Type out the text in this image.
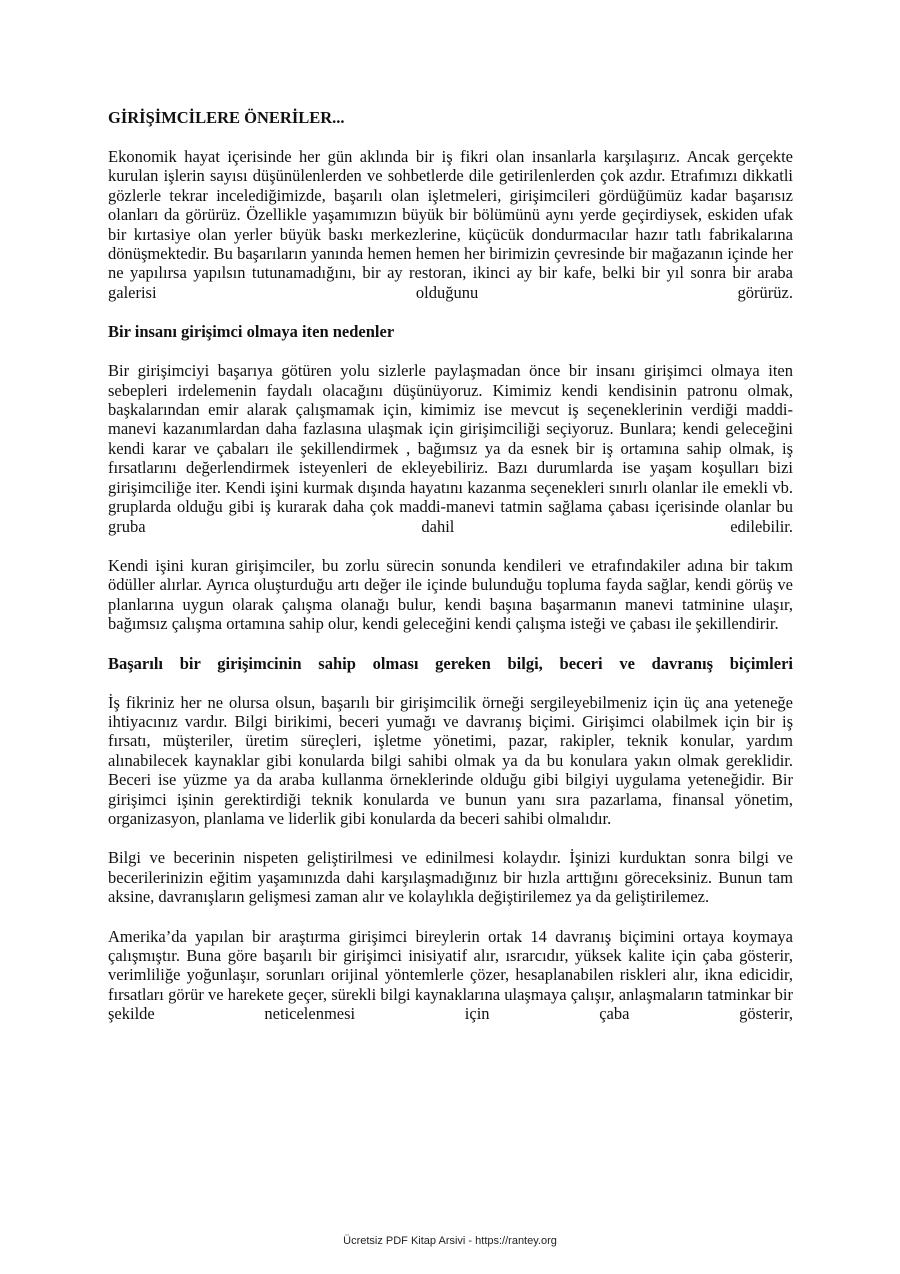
GİRİŞİMCİLERE ÖNERİLER...

Ekonomik hayat içerisinde her gün aklında bir iş fikri olan insanlarla karşılaşırız. Ancak gerçekte kurulan işlerin sayısı düşünülenlerden ve sohbetlerde dile getirilenlerden çok azdır. Etrafımızı dikkatli gözlerle tekrar incelediğimizde, başarılı olan işletmeleri, girişimcileri gördüğümüz kadar başarısız olanları da görürüz. Özellikle yaşamımızın büyük bir bölümünü aynı yerde geçirdiysek, eskiden ufak bir kırtasiye olan yerler büyük baskı merkezlerine, küçücük dondurmacılar hazır tatlı fabrikalarına dönüşmektedir. Bu başarıların yanında hemen hemen her birimizin çevresinde bir mağazanın içinde her ne yapılırsa yapılsın tutunamadığını, bir ay restoran, ikinci ay bir kafe, belki bir yıl sonra bir araba galerisi olduğunu görürüz.

Bir insanı girişimci olmaya iten nedenler

Bir girişimciyi başarıya götüren yolu sizlerle paylaşmadan önce bir insanı girişimci olmaya iten sebepleri irdelemenin faydalı olacağını düşünüyoruz. Kimimiz kendi kendisinin patronu olmak, başkalarından emir alarak çalışmamak için, kimimiz ise mevcut iş seçeneklerinin verdiği maddi-manevi kazanımlardan daha fazlasına ulaşmak için girişimciliği seçiyoruz. Bunlara; kendi geleceğini kendi karar ve çabaları ile şekillendirmek , bağımsız ya da esnek bir iş ortamına sahip olmak, iş fırsatlarını değerlendirmek isteyenleri de ekleyebiliriz. Bazı durumlarda ise yaşam koşulları bizi girişimciliğe iter. Kendi işini kurmak dışında hayatını kazanma seçenekleri sınırlı olanlar ile emekli vb. gruplarda olduğu gibi iş kurarak daha çok maddi-manevi tatmin sağlama çabası içerisinde olanlar bu gruba dahil edilebilir.

Kendi işini kuran girişimciler, bu zorlu sürecin sonunda kendileri ve etrafındakiler adına bir takım ödüller alırlar. Ayrıca oluşturduğu artı değer ile içinde bulunduğu topluma fayda sağlar, kendi görüş ve planlarına uygun olarak çalışma olanağı bulur, kendi başına başarmanın manevi tatminine ulaşır, bağımsız çalışma ortamına sahip olur, kendi geleceğini kendi çalışma isteği ve çabası ile şekillendirir.

Başarılı bir girişimcinin sahip olması gereken bilgi, beceri ve davranış biçimleri

İş fikriniz her ne olursa olsun, başarılı bir girişimcilik örneği sergileyebilmeniz için üç ana yeteneğe ihtiyacınız vardır. Bilgi birikimi, beceri yumağı ve davranış biçimi. Girişimci olabilmek için bir iş fırsatı, müşteriler, üretim süreçleri, işletme yönetimi, pazar, rakipler, teknik konular, yardım alınabilecek kaynaklar gibi konularda bilgi sahibi olmak ya da bu konulara yakın olmak gereklidir. Beceri ise yüzme ya da araba kullanma örneklerinde olduğu gibi bilgiyi uygulama yeteneğidir. Bir girişimci işinin gerektirdiği teknik konularda ve bunun yanı sıra pazarlama, finansal yönetim, organizasyon, planlama ve liderlik gibi konularda da beceri sahibi olmalıdır.

Bilgi ve becerinin nispeten geliştirilmesi ve edinilmesi kolaydır. İşinizi kurduktan sonra bilgi ve becerilerinizin eğitim yaşamınızda dahi karşılaşmadığınız bir hızla arttığını göreceksiniz. Bunun tam aksine, davranışların gelişmesi zaman alır ve kolaylıkla değiştirilemez ya da geliştirilemez.

Amerika’da yapılan bir araştırma girişimci bireylerin ortak 14 davranış biçimini ortaya koymaya çalışmıştır. Buna göre başarılı bir girişimci inisiyatif alır, ısrarcıdır, yüksek kalite için çaba gösterir, verimliliğe yoğunlaşır, sorunları orijinal yöntemlerle çözer, hesaplanabilen riskleri alır, ikna edicidir, fırsatları görür ve harekete geçer, sürekli bilgi kaynaklarına ulaşmaya çalışır, anlaşmaların tatminkar bir şekilde neticelenmesi için çaba gösterir,

Ücretsiz PDF Kitap Arsivi - https://rantey.org
